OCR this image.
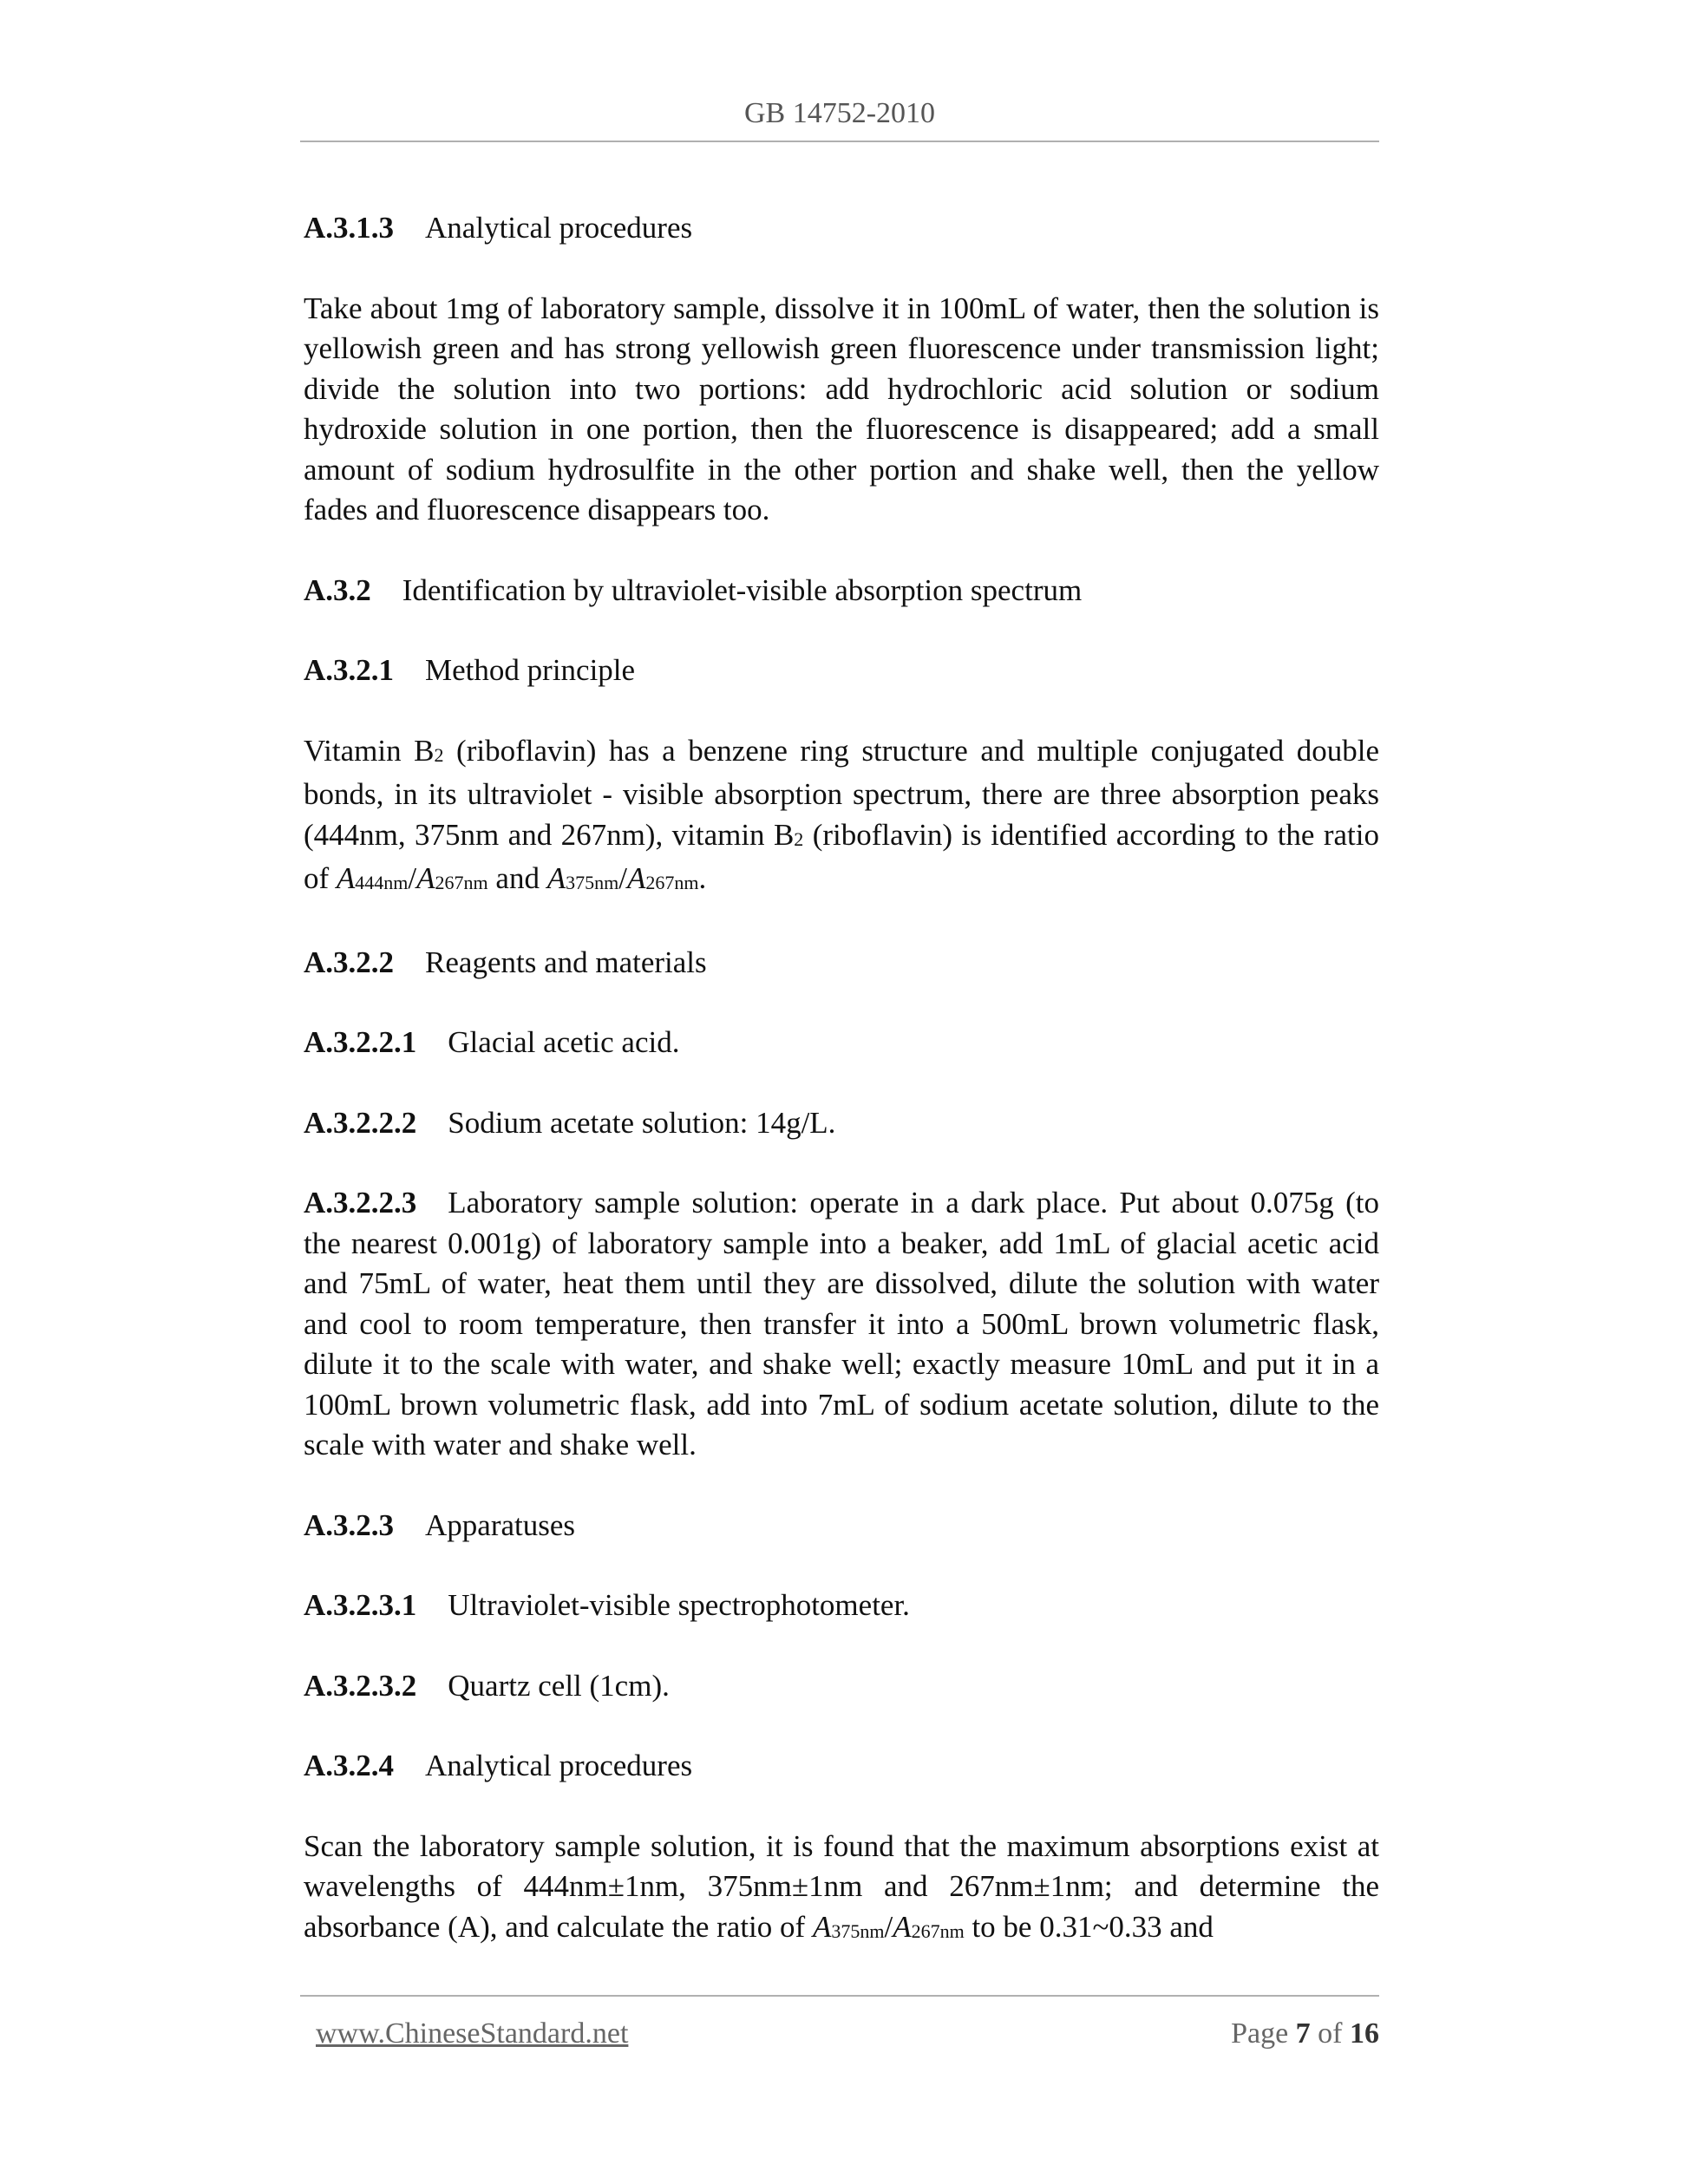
GB 14752-2010
A.3.1.3 Analytical procedures
Take about 1mg of laboratory sample, dissolve it in 100mL of water, then the solution is yellowish green and has strong yellowish green fluorescence under transmission light; divide the solution into two portions: add hydrochloric acid solution or sodium hydroxide solution in one portion, then the fluorescence is disappeared; add a small amount of sodium hydrosulfite in the other portion and shake well, then the yellow fades and fluorescence disappears too.
A.3.2 Identification by ultraviolet-visible absorption spectrum
A.3.2.1 Method principle
Vitamin $B_2$ (riboflavin) has a benzene ring structure and multiple conjugated double bonds, in its ultraviolet - visible absorption spectrum, there are three absorption peaks (444nm, 375nm and 267nm), vitamin $B_2$ (riboflavin) is identified according to the ratio of $A_{444nm}/A_{267nm}$ and $A_{375nm}/A_{267nm}$.
A.3.2.2 Reagents and materials
A.3.2.2.1 Glacial acetic acid.
A.3.2.2.2 Sodium acetate solution: 14g/L.
A.3.2.2.3 Laboratory sample solution: operate in a dark place. Put about 0.075g (to the nearest 0.001g) of laboratory sample into a beaker, add 1mL of glacial acetic acid and 75mL of water, heat them until they are dissolved, dilute the solution with water and cool to room temperature, then transfer it into a 500mL brown volumetric flask, dilute it to the scale with water, and shake well; exactly measure 10mL and put it in a 100mL brown volumetric flask, add into 7mL of sodium acetate solution, dilute to the scale with water and shake well.
A.3.2.3 Apparatuses
A.3.2.3.1 Ultraviolet-visible spectrophotometer.
A.3.2.3.2 Quartz cell (1cm).
A.3.2.4 Analytical procedures
Scan the laboratory sample solution, it is found that the maximum absorptions exist at wavelengths of 444nm±1nm, 375nm±1nm and 267nm±1nm; and determine the absorbance (A), and calculate the ratio of $A_{375nm}/A_{267nm}$ to be 0.31~0.33 and
www.ChineseStandard.net	Page 7 of 16
